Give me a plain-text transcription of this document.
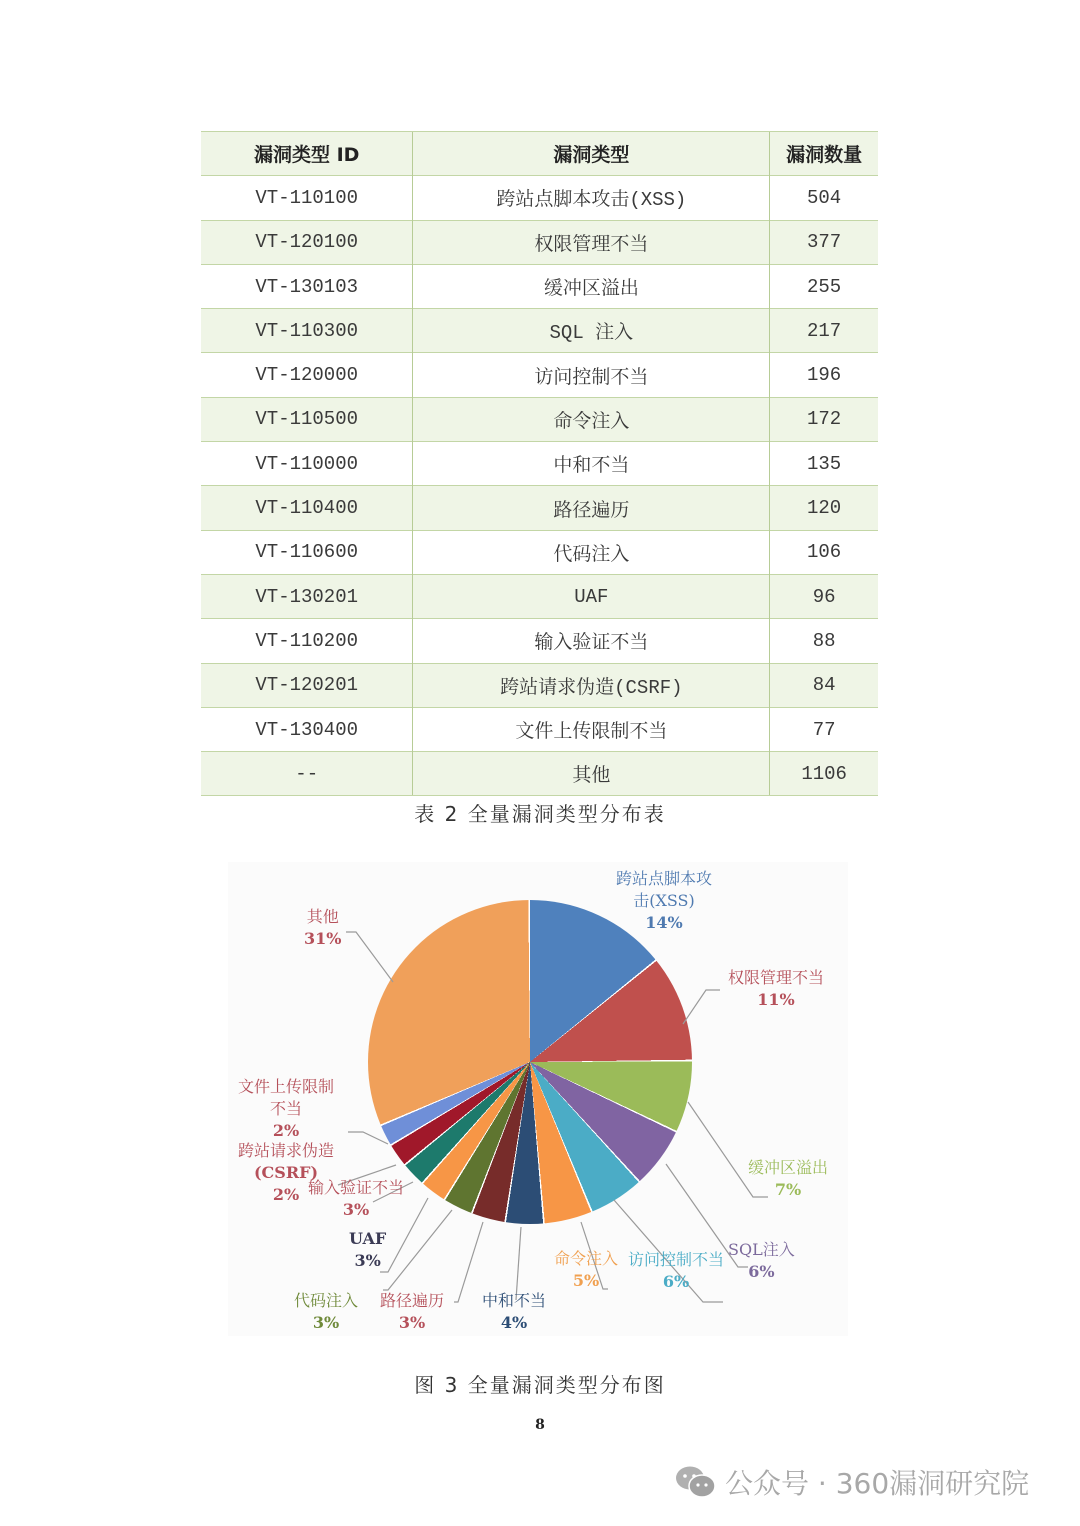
漏洞类型 ID	漏洞类型	漏洞数量
VT-110100	跨站点脚本攻击(XSS)	504
VT-120100	权限管理不当	377
VT-130103	缓冲区溢出	255
VT-110300	SQL 注入	217
VT-120000	访问控制不当	196
VT-110500	命令注入	172
VT-110000	中和不当	135
VT-110400	路径遍历	120
VT-110600	代码注入	106
VT-130201	UAF	96
VT-110200	输入验证不当	88
VT-120201	跨站请求伪造(CSRF)	84
VT-130400	文件上传限制不当	77
--	其他	1106
表 2 全量漏洞类型分布表
跨站点脚本攻
击(XSS)
14%
权限管理不当
11%
缓冲区溢出
7%
SQL注入
6%
访问控制不当
6%
命令注入
5%
中和不当
4%
路径遍历
3%
代码注入
3%
UAF
3%
输入验证不当
3%
跨站请求伪造
(CSRF)
2%
文件上传限制
不当
2%
其他
31%
图 3 全量漏洞类型分布图
8
公众号 · 360漏洞研究院
